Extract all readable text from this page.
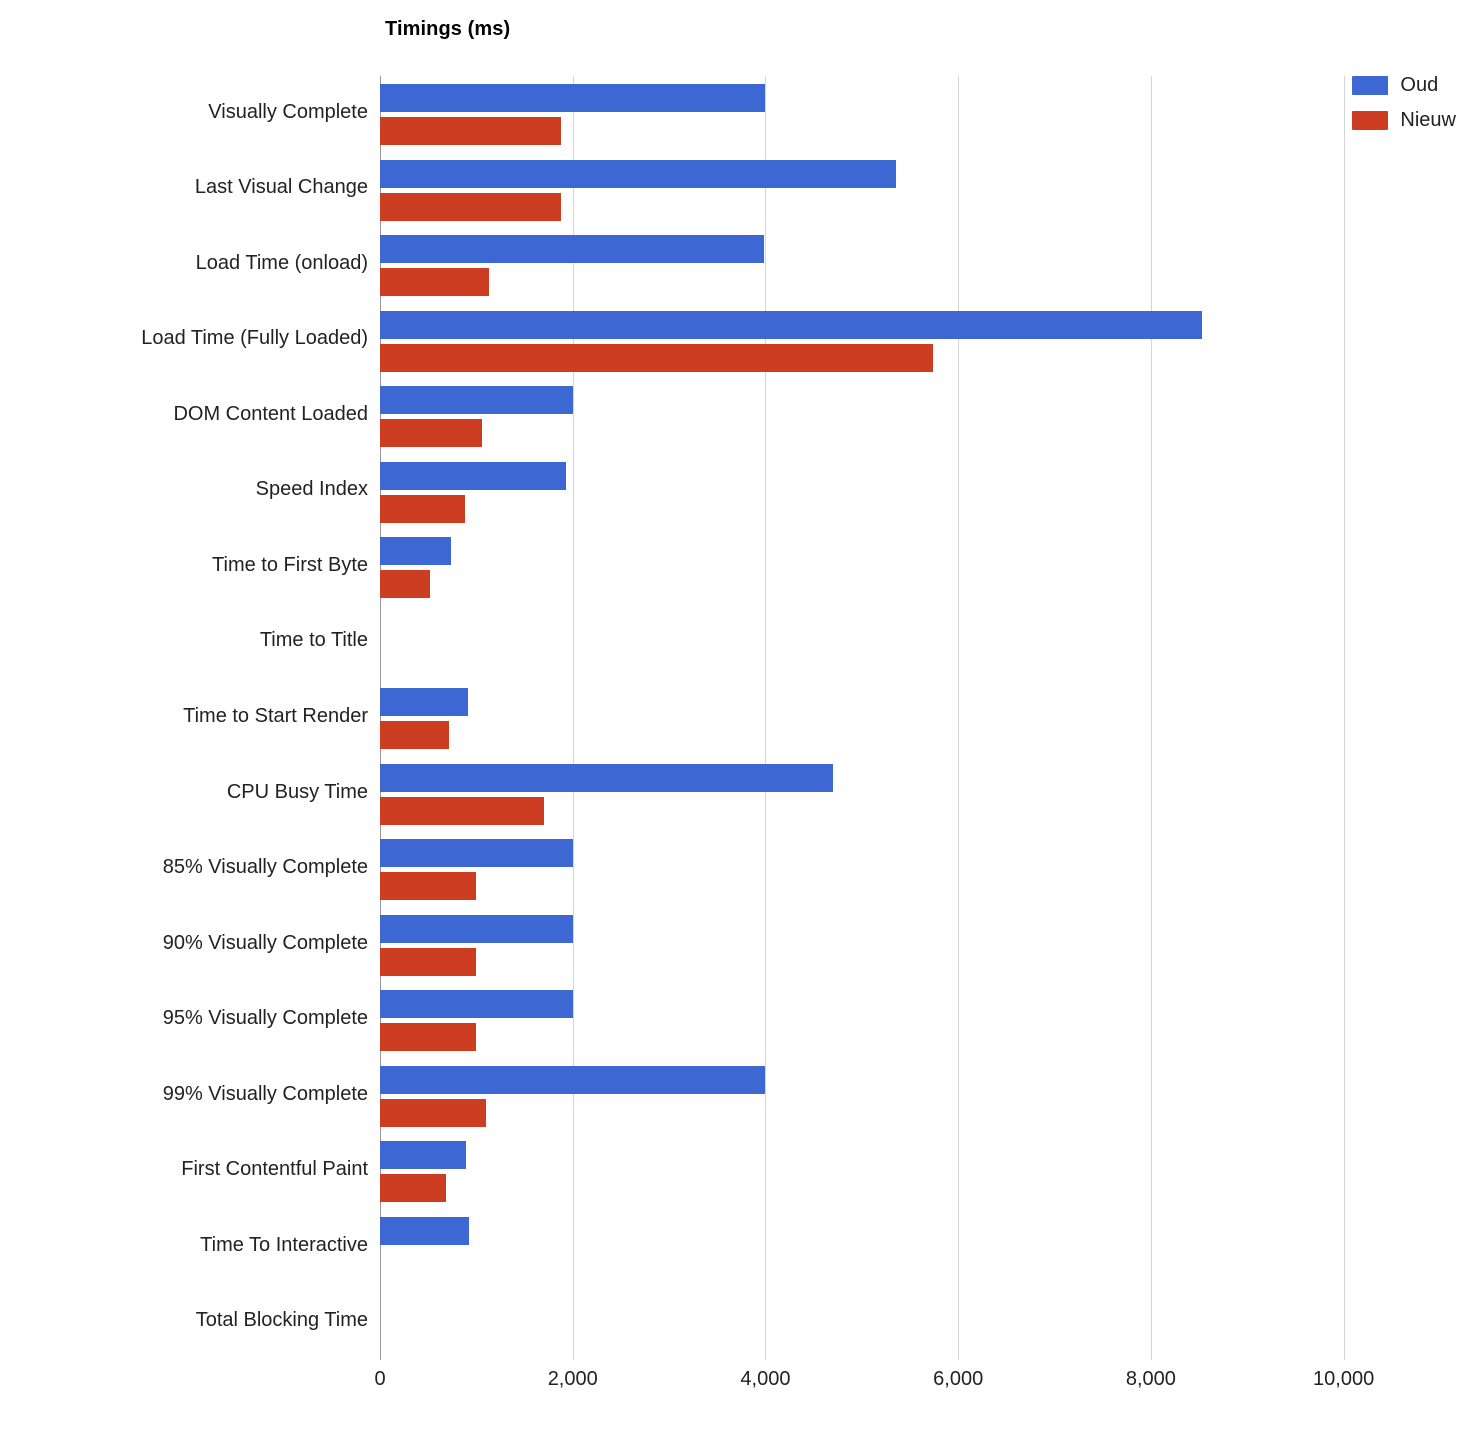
Timings (ms)
Oud
Nieuw
Visually Complete
Last Visual Change
Load Time (onload)
Load Time (Fully Loaded)
DOM Content Loaded
Speed Index
Time to First Byte
Time to Title
Time to Start Render
CPU Busy Time
85% Visually Complete
90% Visually Complete
95% Visually Complete
99% Visually Complete
First Contentful Paint
Time To Interactive
Total Blocking Time
0	2,000	4,000	6,000	8,000	10,000
